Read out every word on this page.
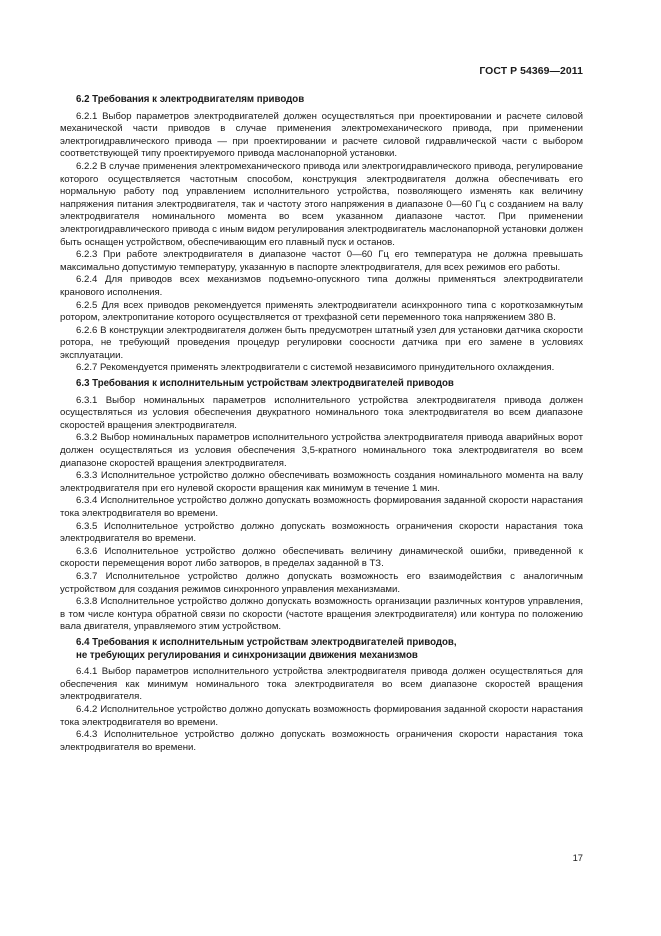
ГОСТ Р 54369—2011
6.2 Требования к электродвигателям приводов

6.2.1 Выбор параметров электродвигателей должен осуществляться при проектировании и расчете силовой механической части приводов в случае применения электромеханического привода, при применении электрогидравлического привода — при проектировании и расчете силовой гидравлической части с выбором соответствующей типу проектируемого привода маслонапорной установки.

6.2.2 В случае применения электромеханического привода или электрогидравлического привода, регулирование которого осуществляется частотным способом, конструкция электродвигателя должна обеспечивать его нормальную работу под управлением исполнительного устройства, позволяющего изменять как величину напряжения питания электродвигателя, так и частоту этого напряжения в диапазоне 0—60 Гц с созданием на валу электродвигателя номинального момента во всем указанном диапазоне частот. При применении электрогидравлического привода с иным видом регулирования электродвигатель маслонапорной установки должен быть оснащен устройством, обеспечивающим его плавный пуск и останов.

6.2.3 При работе электродвигателя в диапазоне частот 0—60 Гц его температура не должна превышать максимально допустимую температуру, указанную в паспорте электродвигателя, для всех режимов его работы.

6.2.4 Для приводов всех механизмов подъемно-опускного типа должны применяться электродвигатели кранового исполнения.

6.2.5 Для всех приводов рекомендуется применять электродвигатели асинхронного типа с короткозамкнутым ротором, электропитание которого осуществляется от трехфазной сети переменного тока напряжением 380 В.

6.2.6 В конструкции электродвигателя должен быть предусмотрен штатный узел для установки датчика скорости ротора, не требующий проведения процедур регулировки соосности датчика при его замене в условиях эксплуатации.

6.2.7 Рекомендуется применять электродвигатели с системой независимого принудительного охлаждения.

6.3 Требования к исполнительным устройствам электродвигателей приводов

6.3.1 Выбор номинальных параметров исполнительного устройства электродвигателя привода должен осуществляться из условия обеспечения двукратного номинального тока электродвигателя во всем диапазоне скоростей вращения электродвигателя.

6.3.2 Выбор номинальных параметров исполнительного устройства электродвигателя привода аварийных ворот должен осуществляться из условия обеспечения 3,5-кратного номинального тока электродвигателя во всем диапазоне скоростей вращения электродвигателя.

6.3.3 Исполнительное устройство должно обеспечивать возможность создания номинального момента на валу электродвигателя при его нулевой скорости вращения как минимум в течение 1 мин.

6.3.4 Исполнительное устройство должно допускать возможность формирования заданной скорости нарастания тока электродвигателя во времени.

6.3.5 Исполнительное устройство должно допускать возможность ограничения скорости нарастания тока электродвигателя во времени.

6.3.6 Исполнительное устройство должно обеспечивать величину динамической ошибки, приведенной к скорости перемещения ворот либо затворов, в пределах заданной в ТЗ.

6.3.7 Исполнительное устройство должно допускать возможность его взаимодействия с аналогичным устройством для создания режимов синхронного управления механизмами.

6.3.8 Исполнительное устройство должно допускать возможность организации различных контуров управления, в том числе контура обратной связи по скорости (частоте вращения электродвигателя) или контура по положению вала двигателя, управляемого этим устройством.

6.4 Требования к исполнительным устройствам электродвигателей приводов,
не требующих регулирования и синхронизации движения механизмов

6.4.1 Выбор параметров исполнительного устройства электродвигателя привода должен осуществляться для обеспечения как минимум номинального тока электродвигателя во всем диапазоне скоростей вращения электродвигателя.

6.4.2 Исполнительное устройство должно допускать возможность формирования заданной скорости нарастания тока электродвигателя во времени.

6.4.3 Исполнительное устройство должно допускать возможность ограничения скорости нарастания тока электродвигателя во времени.

17
